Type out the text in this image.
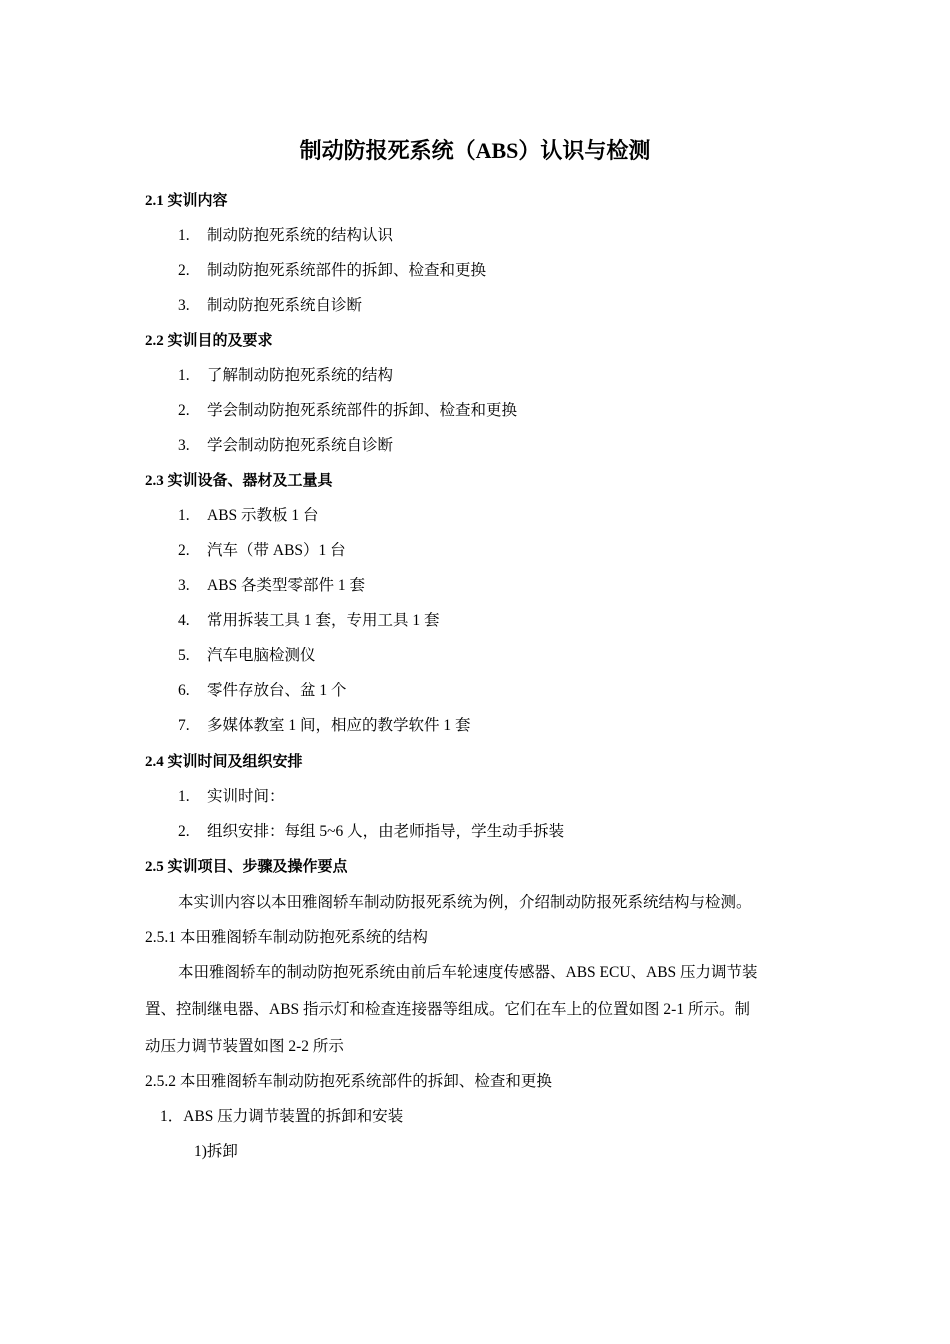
制动防报死系统（ABS）认识与检测
2.1 实训内容
1. 制动防抱死系统的结构认识
2. 制动防抱死系统部件的拆卸、检查和更换
3. 制动防抱死系统自诊断
2.2 实训目的及要求
1. 了解制动防抱死系统的结构
2. 学会制动防抱死系统部件的拆卸、检查和更换
3. 学会制动防抱死系统自诊断
2.3 实训设备、器材及工量具
1. ABS 示教板 1 台
2. 汽车（带 ABS）1 台
3. ABS 各类型零部件 1 套
4. 常用拆装工具 1 套，专用工具 1 套
5. 汽车电脑检测仪
6. 零件存放台、盆 1 个
7. 多媒体教室 1 间，相应的教学软件 1 套
2.4 实训时间及组织安排
1. 实训时间：
2. 组织安排：每组 5~6 人，由老师指导，学生动手拆装
2.5 实训项目、步骤及操作要点
本实训内容以本田雅阁轿车制动防报死系统为例，介绍制动防报死系统结构与检测。
2.5.1 本田雅阁轿车制动防抱死系统的结构
本田雅阁轿车的制动防抱死系统由前后车轮速度传感器、ABS ECU、ABS 压力调节装
置、控制继电器、ABS 指示灯和检查连接器等组成。它们在车上的位置如图 2-1 所示。制
动压力调节装置如图 2-2 所示
2.5.2 本田雅阁轿车制动防抱死系统部件的拆卸、检查和更换
1．ABS 压力调节装置的拆卸和安装
1)拆卸
